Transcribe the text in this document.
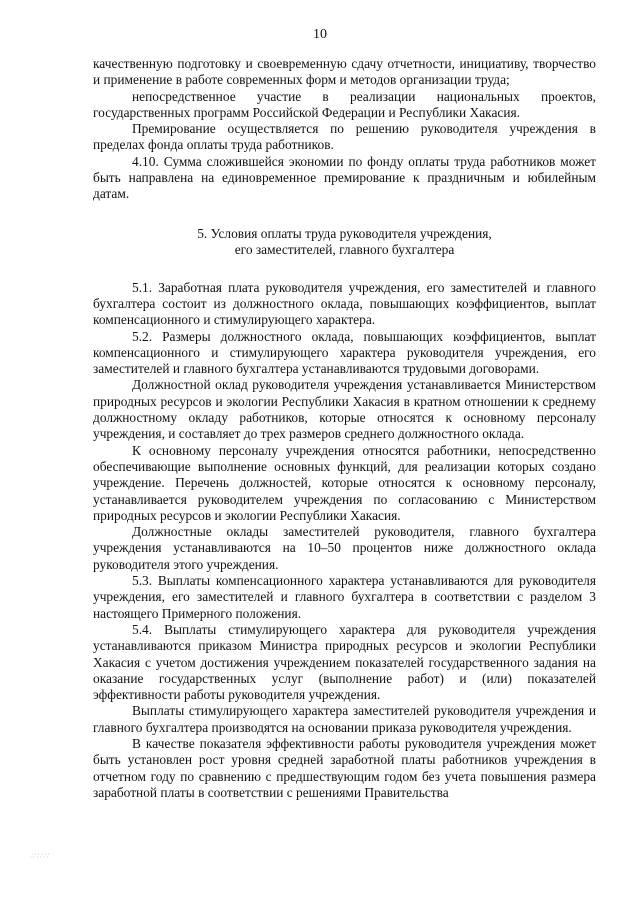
10

качественную подготовку и своевременную сдачу отчетности, инициативу, творчество и применение в работе современных форм и методов организации труда;

непосредственное участие в реализации национальных проектов, государственных программ Российской Федерации и Республики Хакасия.

Премирование осуществляется по решению руководителя учреждения в пределах фонда оплаты труда работников.

4.10. Сумма сложившейся экономии по фонду оплаты труда работников может быть направлена на единовременное премирование к праздничным и юбилейным датам.

5. Условия оплаты труда руководителя учреждения,
его заместителей, главного бухгалтера

5.1. Заработная плата руководителя учреждения, его заместителей и главного бухгалтера состоит из должностного оклада, повышающих коэффициентов, выплат компенсационного и стимулирующего характера.

5.2. Размеры должностного оклада, повышающих коэффициентов, выплат компенсационного и стимулирующего характера руководителя учреждения, его заместителей и главного бухгалтера устанавливаются трудовыми договорами.

Должностной оклад руководителя учреждения устанавливается Министерством природных ресурсов и экологии Республики Хакасия в кратном отношении к среднему должностному окладу работников, которые относятся к основному персоналу учреждения, и составляет до трех размеров среднего должностного оклада.

К основному персоналу учреждения относятся работники, непосредственно обеспечивающие выполнение основных функций, для реализации которых создано учреждение. Перечень должностей, которые относятся к основному персоналу, устанавливается руководителем учреждения по согласованию с Министерством природных ресурсов и экологии Республики Хакасия.

Должностные оклады заместителей руководителя, главного бухгалтера учреждения устанавливаются на 10–50 процентов ниже должностного оклада руководителя этого учреждения.

5.3. Выплаты компенсационного характера устанавливаются для руководителя учреждения, его заместителей и главного бухгалтера в соответствии с разделом 3 настоящего Примерного положения.

5.4. Выплаты стимулирующего характера для руководителя учреждения устанавливаются приказом Министра природных ресурсов и экологии Республики Хакасия с учетом достижения учреждением показателей государственного задания на оказание государственных услуг (выполнение работ) и (или) показателей эффективности работы руководителя учреждения.

Выплаты стимулирующего характера заместителей руководителя учреждения и главного бухгалтера производятся на основании приказа руководителя учреждения.

В качестве показателя эффективности работы руководителя учреждения может быть установлен рост уровня средней заработной платы работников учреждения в отчетном году по сравнению с предшествующим годом без учета повышения размера заработной платы в соответствии с решениями Правительства

∴∵∴∵
